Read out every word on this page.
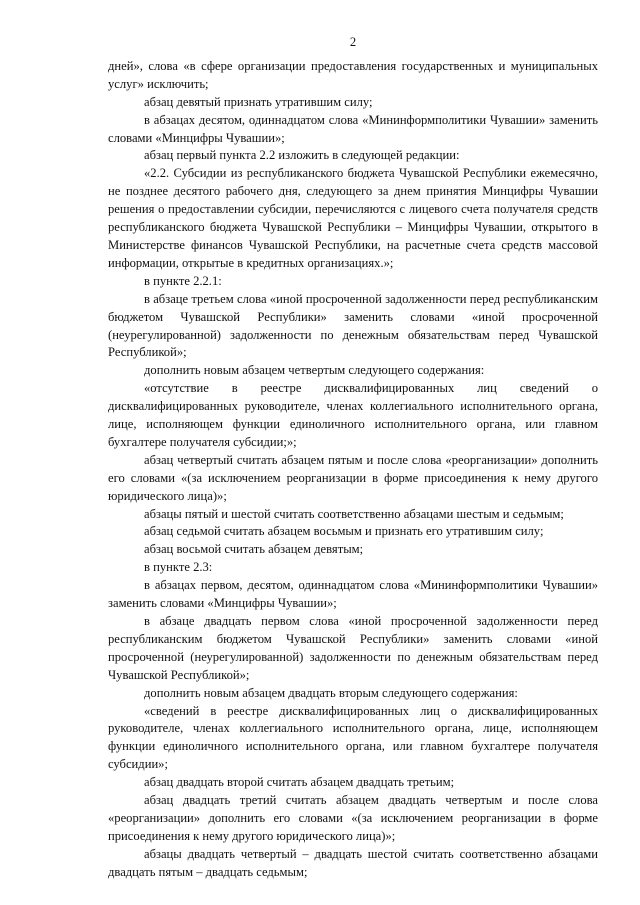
2

дней», слова «в сфере организации предоставления государственных и муниципальных услуг» исключить;

абзац девятый признать утратившим силу;

в абзацах десятом, одиннадцатом слова «Мининформполитики Чувашии» заменить словами «Минцифры Чувашии»;

абзац первый пункта 2.2 изложить в следующей редакции:

«2.2. Субсидии из республиканского бюджета Чувашской Республики ежемесячно, не позднее десятого рабочего дня, следующего за днем принятия Минцифры Чувашии решения о предоставлении субсидии, перечисляются с лицевого счета получателя средств республиканского бюджета Чувашской Республики – Минцифры Чувашии, открытого в Министерстве финансов Чувашской Республики, на расчетные счета средств массовой информации, открытые в кредитных организациях.»;

в пункте 2.2.1:

в абзаце третьем слова «иной просроченной задолженности перед республиканским бюджетом Чувашской Республики» заменить словами «иной просроченной (неурегулированной) задолженности по денежным обязательствам перед Чувашской Республикой»;

дополнить новым абзацем четвертым следующего содержания:

«отсутствие в реестре дисквалифицированных лиц сведений о дисквалифицированных руководителе, членах коллегиального исполнительного органа, лице, исполняющем функции единоличного исполнительного органа, или главном бухгалтере получателя субсидии;»;

абзац четвертый считать абзацем пятым и после слова «реорганизации» дополнить его словами «(за исключением реорганизации в форме присоединения к нему другого юридического лица)»;

абзацы пятый и шестой считать соответственно абзацами шестым и седьмым;

абзац седьмой считать абзацем восьмым и признать его утратившим силу;

абзац восьмой считать абзацем девятым;

в пункте 2.3:

в абзацах первом, десятом, одиннадцатом слова «Мининформполитики Чувашии» заменить словами «Минцифры Чувашии»;

в абзаце двадцать первом слова «иной просроченной задолженности перед республиканским бюджетом Чувашской Республики» заменить словами «иной просроченной (неурегулированной) задолженности по денежным обязательствам перед Чувашской Республикой»;

дополнить новым абзацем двадцать вторым следующего содержания:

«сведений в реестре дисквалифицированных лиц о дисквалифицированных руководителе, членах коллегиального исполнительного органа, лице, исполняющем функции единоличного исполнительного органа, или главном бухгалтере получателя субсидии»;

абзац двадцать второй считать абзацем двадцать третьим;

абзац двадцать третий считать абзацем двадцать четвертым и после слова «реорганизации» дополнить его словами «(за исключением реорганизации в форме присоединения к нему другого юридического лица)»;

абзацы двадцать четвертый – двадцать шестой считать соответственно абзацами двадцать пятым – двадцать седьмым;
